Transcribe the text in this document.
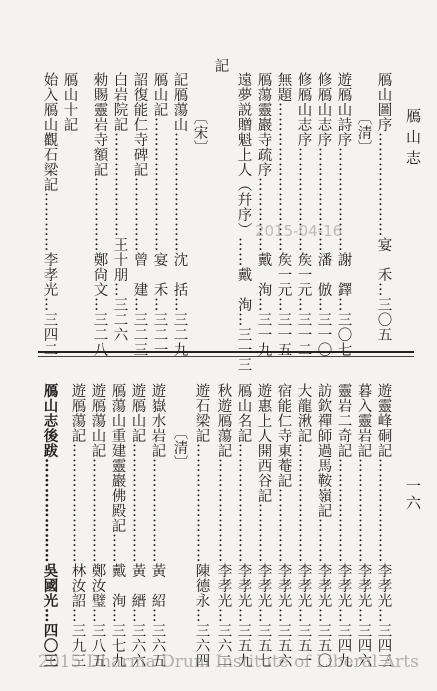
鴈山志
一六
鴈山圖序…………………宴　禾…三〇五
〔清〕
遊鴈山詩序…………………謝　鐸…三〇七
修鴈山志序…………………潘　倣…三一〇
修鴈山志序…………………矦一元…三一二
無題…………………………矦一元…三一五
鴈蕩靈巖寺疏序……………戴　洵…三一九
遠夢説贈魁上人（幷序）……戴　洵…三一三
記
〔宋〕
記鴈蕩山……………………沈　括…三二九
鴈山記………………………宴　禾…三二一
詔復能仁寺碑記……………曾　建…三二三
白岩院記…………………王十朋…三二六
勑賜靈岩寺額記……………鄭尙文…三二八
鴈山十記
始入鴈山觀石梁記…………李孝光…三四二
遊靈峰硐記…………………李孝光…三四三
暮入靈岩記…………………李孝光…三四六
靈岩二奇記…………………李孝光…三四九
訪欽禪師過馬鞍嶺記………李孝光…三五〇
大龍湫記……………………李孝光…三五一
宿能仁寺東菴記……………李孝光…三五六
遊惠上人開西谷記…………李孝光…三五七
鴈山名記……………………李孝光…三五九
秋遊鴈蕩記…………………李孝光…三六二
遊石梁記……………………陳德永…三六四
〔清〕
遊嶽水岩記…………………黃　紹…三六五
遊鴈山記……………………黃　縉…三六六
鴈蕩山重建靈巖佛殿記……戴　洵…三七九
遊鴈蕩山記…………………鄭汝璧…三八五
遊鴈蕩記……………………林汝詔…三九三
鴈山志後跋…………………吳國光…四〇三
2015-04-16
2015 Dharma Drum Institute of Liberal Arts
